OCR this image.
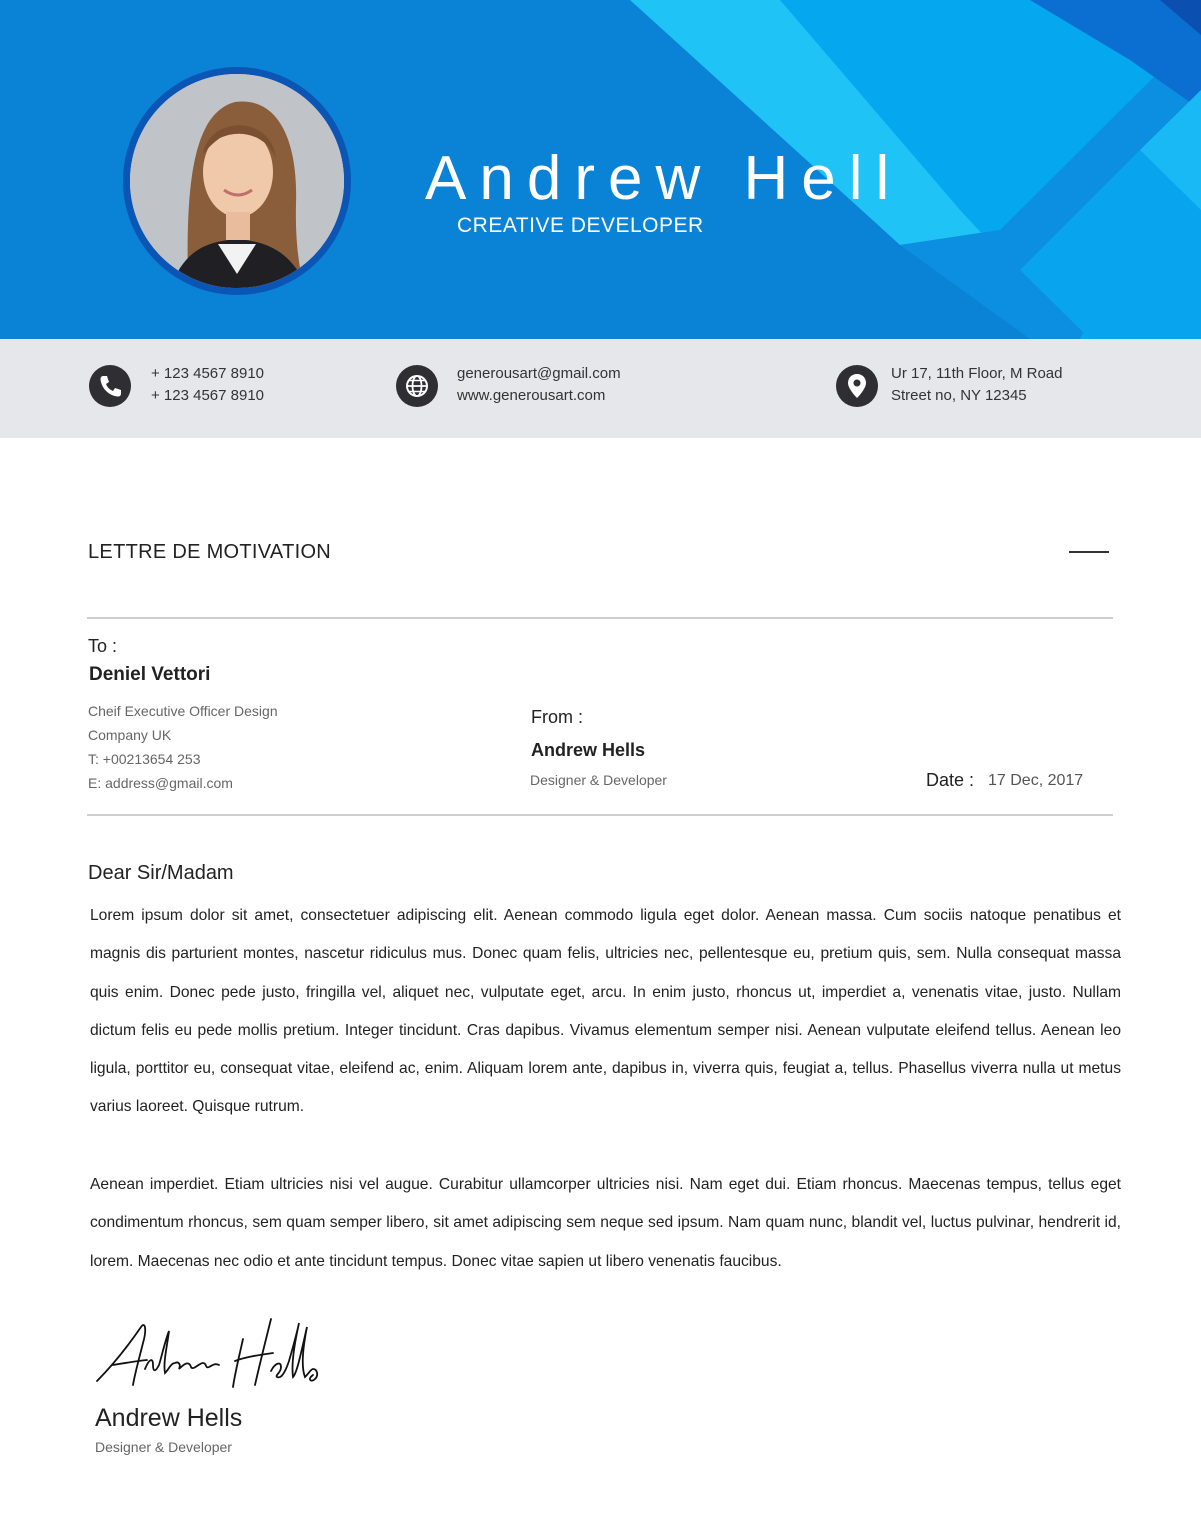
Andrew Hell
CREATIVE DEVELOPER
+ 123 4567 8910
+ 123 4567 8910
generousart@gmail.com
www.generousart.com
Ur 17, 11th Floor, M Road
Street no, NY 12345
LETTRE DE MOTIVATION
To :
Deniel Vettori
Cheif Executive Officer Design
Company UK
T: +00213654 253
E: address@gmail.com
From :
Andrew Hells
Designer & Developer	Date : 17 Dec, 2017
Dear Sir/Madam

Lorem ipsum dolor sit amet, consectetuer adipiscing elit. Aenean commodo ligula eget dolor. Aenean massa. Cum sociis natoque penatibus et magnis dis parturient montes, nascetur ridiculus mus. Donec quam felis, ultricies nec, pellentesque eu, pretium quis, sem. Nulla consequat massa quis enim. Donec pede justo, fringilla vel, aliquet nec, vulputate eget, arcu. In enim justo, rhoncus ut, imperdiet a, venenatis vitae, justo. Nullam dictum felis eu pede mollis pretium. Integer tincidunt. Cras dapibus. Vivamus elementum semper nisi. Aenean vulputate eleifend tellus. Aenean leo ligula, porttitor eu, consequat vitae, eleifend ac, enim. Aliquam lorem ante, dapibus in, viverra quis, feugiat a, tellus. Phasellus viverra nulla ut metus varius laoreet. Quisque rutrum.

Aenean imperdiet. Etiam ultricies nisi vel augue. Curabitur ullamcorper ultricies nisi. Nam eget dui. Etiam rhoncus. Maecenas tempus, tellus eget condimentum rhoncus, sem quam semper libero, sit amet adipiscing sem neque sed ipsum. Nam quam nunc, blandit vel, luctus pulvinar, hendrerit id, lorem. Maecenas nec odio et ante tincidunt tempus. Donec vitae sapien ut libero venenatis faucibus.

Andrew Hells
Designer & Developer
